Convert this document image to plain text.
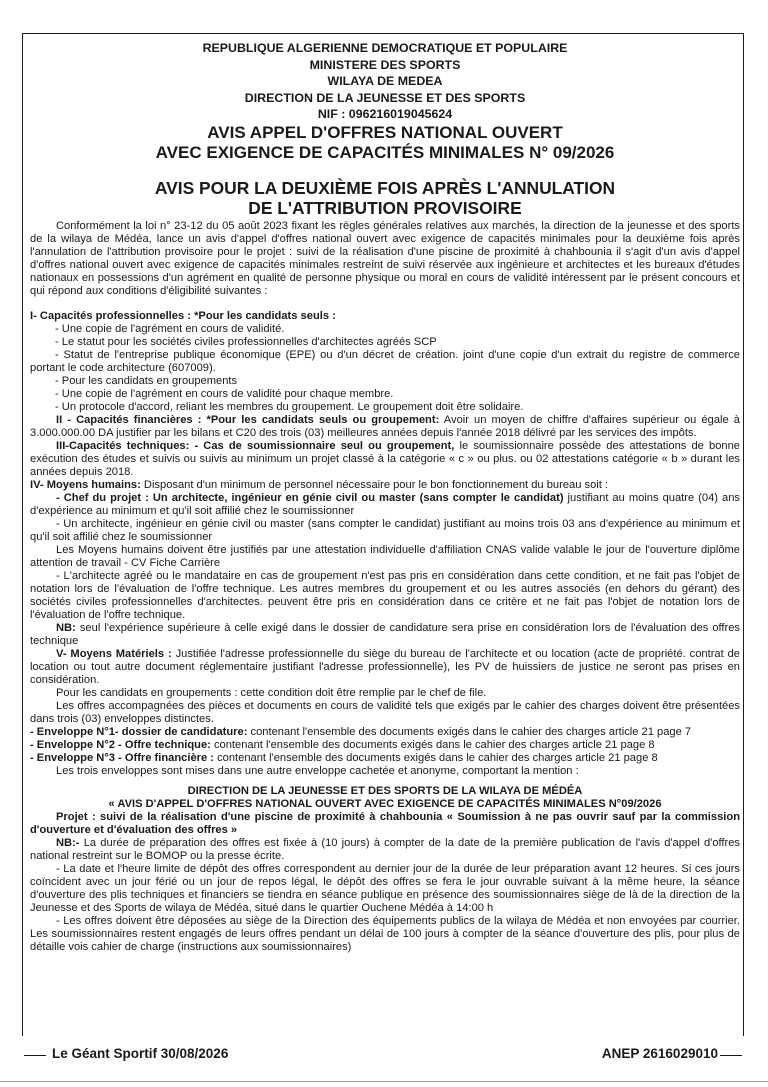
REPUBLIQUE ALGERIENNE DEMOCRATIQUE ET POPULAIRE
MINISTERE DES SPORTS
WILAYA DE MEDEA
DIRECTION DE LA JEUNESSE ET DES SPORTS
NIF : 096216019045624
AVIS APPEL D'OFFRES NATIONAL OUVERT
AVEC EXIGENCE DE CAPACITÉS MINIMALES N° 09/2026
AVIS POUR LA DEUXIÈME FOIS APRÈS L'ANNULATION
DE L'ATTRIBUTION PROVISOIRE

Conformément la loi n° 23-12 du 05 août 2023 fixant les règles générales relatives aux marchés, la direction de la jeunesse et des sports de la wilaya de Médéa, lance un avis d'appel d'offres national ouvert avec exigence de capacités minimales pour la deuxième fois après l'annulation de l'attribution provisoire pour le projet : suivi de la réalisation d'une piscine de proximité à chahbounia il s'agit d'un avis d'appel d'offres national ouvert avec exigence de capacités minimales restreint de suivi réservée aux ingénieure et architectes et les bureaux d'études nationaux en possessions d'un agrément en qualité de personne physique ou moral en cours de validité intéressent par le présent concours et qui répond aux conditions d'éligibilité suivantes :

I- Capacités professionnelles : *Pour les candidats seuls :

- Une copie de l'agrément en cours de validité.

- Le statut pour les sociétés civiles professionnelles d'architectes agréés SCP

- Statut de l'entreprise publique économique (EPE) ou d'un décret de création. joint d'une copie d'un extrait du registre de commerce portant le code architecture (607009).

- Pour les candidats en groupements

- Une copie de l'agrément en cours de validité pour chaque membre.

- Un protocole d'accord, reliant les membres du groupement. Le groupement doit être solidaire.

II - Capacités financières : *Pour les candidats seuls ou groupement: Avoir un moyen de chiffre d'affaires supérieur ou égale à 3.000.000.00 DA justifier par les bilans et C20 des trois (03) meilleures années depuis l'année 2018 délivré par les services des impôts.

III-Capacités techniques: - Cas de soumissionnaire seul ou groupement, le soumissionnaire possède des attestations de bonne exécution des études et suivis ou suivis au minimum un projet classé à la catégorie « c » ou plus. ou 02 attestations catégorie « b » durant les années depuis 2018.

IV- Moyens humains: Disposant d'un minimum de personnel nécessaire pour le bon fonctionnement du bureau soit :

- Chef du projet : Un architecte, ingénieur en génie civil ou master (sans compter le candidat) justifiant au moins quatre (04) ans d'expérience au minimum et qu'il soit affilié chez le soumissionner

- Un architecte, ingénieur en génie civil ou master (sans compter le candidat) justifiant au moins trois 03 ans d'expérience au minimum et qu'il soit affilié chez le soumissionner

Les Moyens humains doivent être justifiés par une attestation individuelle d'affiliation CNAS valide valable le jour de l'ouverture diplôme attention de travail - CV Fiche Carrière

- L'architecte agréé ou le mandataire en cas de groupement n'est pas pris en considération dans cette condition, et ne fait pas l'objet de notation lors de l'évaluation de l'offre technique. Les autres membres du groupement et ou les autres associés (en dehors du gérant) des sociétés civiles professionnelles d'architectes. peuvent être pris en considération dans ce critère et ne fait pas l'objet de notation lors de l'évaluation de l'offre technique.

NB: seul l'expérience supérieure à celle exigé dans le dossier de candidature sera prise en considération lors de l'évaluation des offres technique

V- Moyens Matériels : Justifiée l'adresse professionnelle du siège du bureau de l'architecte et ou location (acte de propriété. contrat de location ou tout autre document réglementaire justifiant l'adresse professionnelle), les PV de huissiers de justice ne seront pas prises en considération.

Pour les candidats en groupements : cette condition doit être remplie par le chef de file.

Les offres accompagnées des pièces et documents en cours de validité tels que exigés par le cahier des charges doivent être présentées dans trois (03) enveloppes distinctes.

- Enveloppe N°1- dossier de candidature: contenant l'ensemble des documents exigés dans le cahier des charges article 21 page 7

- Enveloppe N°2 - Offre technique: contenant l'ensemble des documents exigés dans le cahier des charges article 21 page 8

- Enveloppe N°3 - Offre financière : contenant l'ensemble des documents exigés dans le cahier des charges article 21 page 8

Les trois enveloppes sont mises dans une autre enveloppe cachetée et anonyme, comportant la mention :

DIRECTION DE LA JEUNESSE ET DES SPORTS DE LA WILAYA DE MÉDÉA

« AVIS D'APPEL D'OFFRES NATIONAL OUVERT AVEC EXIGENCE DE CAPACITÉS MINIMALES N°09/2026

Projet : suivi de la réalisation d'une piscine de proximité à chahbounia « Soumission à ne pas ouvrir sauf par la commission d'ouverture et d'évaluation des offres »

NB:- La durée de préparation des offres est fixée à (10 jours) à compter de la date de la première publication de l'avis d'appel d'offres national restreint sur le BOMOP ou la presse écrite.

- La date et l'heure limite de dépôt des offres correspondent au dernier jour de la durée de leur préparation avant 12 heures. Si ces jours coïncident avec un jour férié ou un jour de repos légal, le dépôt des offres se fera le jour ouvrable suivant à la même heure, la séance d'ouverture des plis techniques et financiers se tiendra en séance publique en présence des soumissionnaires siège de là de la direction de la Jeunesse et des Sports de wilaya de Médéa, situé dans le quartier Ouchene Médéa à 14:00 h

- Les offres doivent être déposées au siège de la Direction des équipements publics de la wilaya de Médéa et non envoyées par courrier. Les soumissionnaires restent engagés de leurs offres pendant un délai de 100 jours à compter de la séance d'ouverture des plis, pour plus de détaille vois cahier de charge (instructions aux soumissionnaires)

Le Géant Sportif 30/08/2026	ANEP 2616029010
